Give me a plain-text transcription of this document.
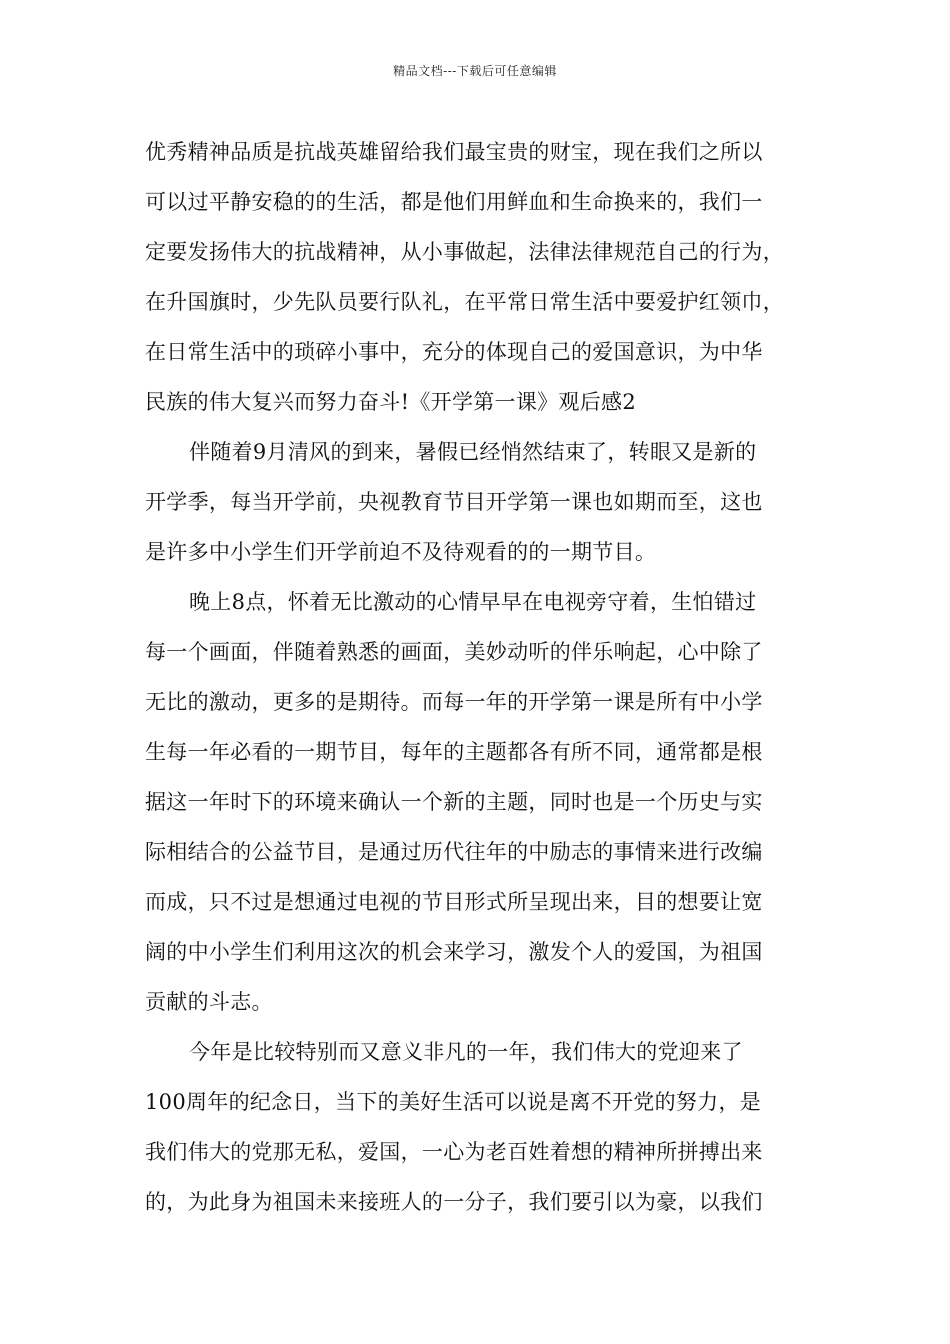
精品文档---下载后可任意编辑
优秀精神品质是抗战英雄留给我们最宝贵的财宝，现在我们之所以
可以过平静安稳的的生活，都是他们用鲜血和生命换来的，我们一
定要发扬伟大的抗战精神，从小事做起，法律法律规范自己的行为，
在升国旗时，少先队员要行队礼，在平常日常生活中要爱护红领巾，
在日常生活中的琐碎小事中，充分的体现自己的爱国意识，为中华
民族的伟大复兴而努力奋斗!《开学第一课》观后感2
伴随着9月清风的到来，暑假已经悄然结束了，转眼又是新的
开学季，每当开学前，央视教育节目开学第一课也如期而至，这也
是许多中小学生们开学前迫不及待观看的的一期节目。
晚上8点，怀着无比激动的心情早早在电视旁守着，生怕错过
每一个画面，伴随着熟悉的画面，美妙动听的伴乐响起，心中除了
无比的激动，更多的是期待。而每一年的开学第一课是所有中小学
生每一年必看的一期节目，每年的主题都各有所不同，通常都是根
据这一年时下的环境来确认一个新的主题，同时也是一个历史与实
际相结合的公益节目，是通过历代往年的中励志的事情来进行改编
而成，只不过是想通过电视的节目形式所呈现出来，目的想要让宽
阔的中小学生们利用这次的机会来学习，激发个人的爱国，为祖国
贡献的斗志。
今年是比较特别而又意义非凡的一年，我们伟大的党迎来了
100周年的纪念日，当下的美好生活可以说是离不开党的努力，是
我们伟大的党那无私，爱国，一心为老百姓着想的精神所拼搏出来
的，为此身为祖国未来接班人的一分子，我们要引以为豪，以我们
